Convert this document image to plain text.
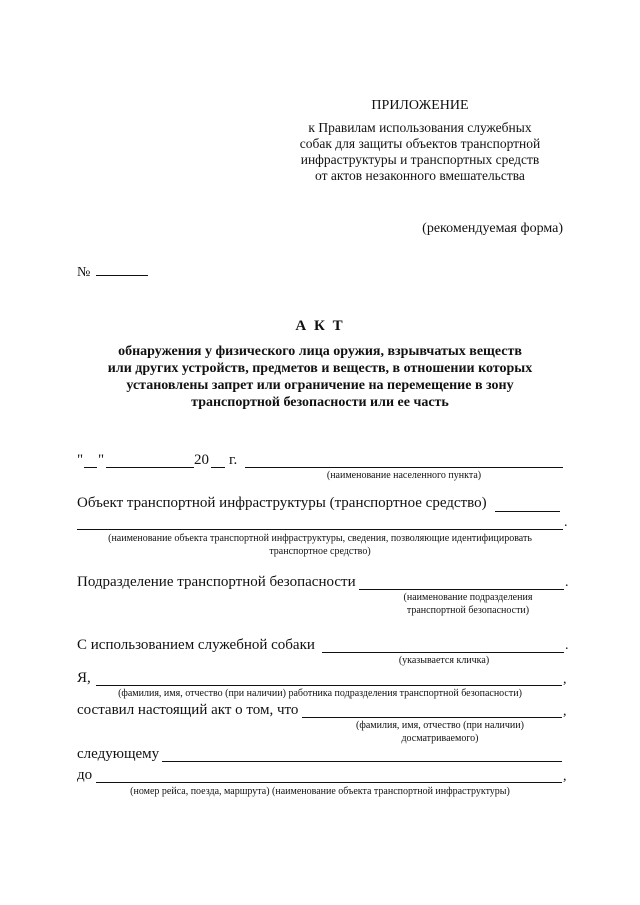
ПРИЛОЖЕНИЕ
к Правилам использования служебных
собак для защиты объектов транспортной
инфраструктуры и транспортных средств
от актов незаконного вмешательства
(рекомендуемая форма)
№
А К Т
обнаружения у физического лица оружия, взрывчатых веществ
или других устройств, предметов и веществ, в отношении которых
установлены запрет или ограничение на перемещение в зону
транспортной безопасности или ее часть
" "	20 г.
(наименование населенного пункта)
Объект транспортной инфраструктуры (транспортное средство)
.
(наименование объекта транспортной инфраструктуры, сведения, позволяющие идентифицировать
транспортное средство)
Подразделение транспортной безопасности	.
(наименование подразделения
транспортной безопасности)
С использованием служебной собаки	.
(указывается кличка)
Я,	,
(фамилия, имя, отчество (при наличии) работника подразделения транспортной безопасности)
составил настоящий акт о том, что	,
(фамилия, имя, отчество (при наличии)
досматриваемого)
следующему
до	,
(номер рейса, поезда, маршрута) (наименование объекта транспортной инфраструктуры)
